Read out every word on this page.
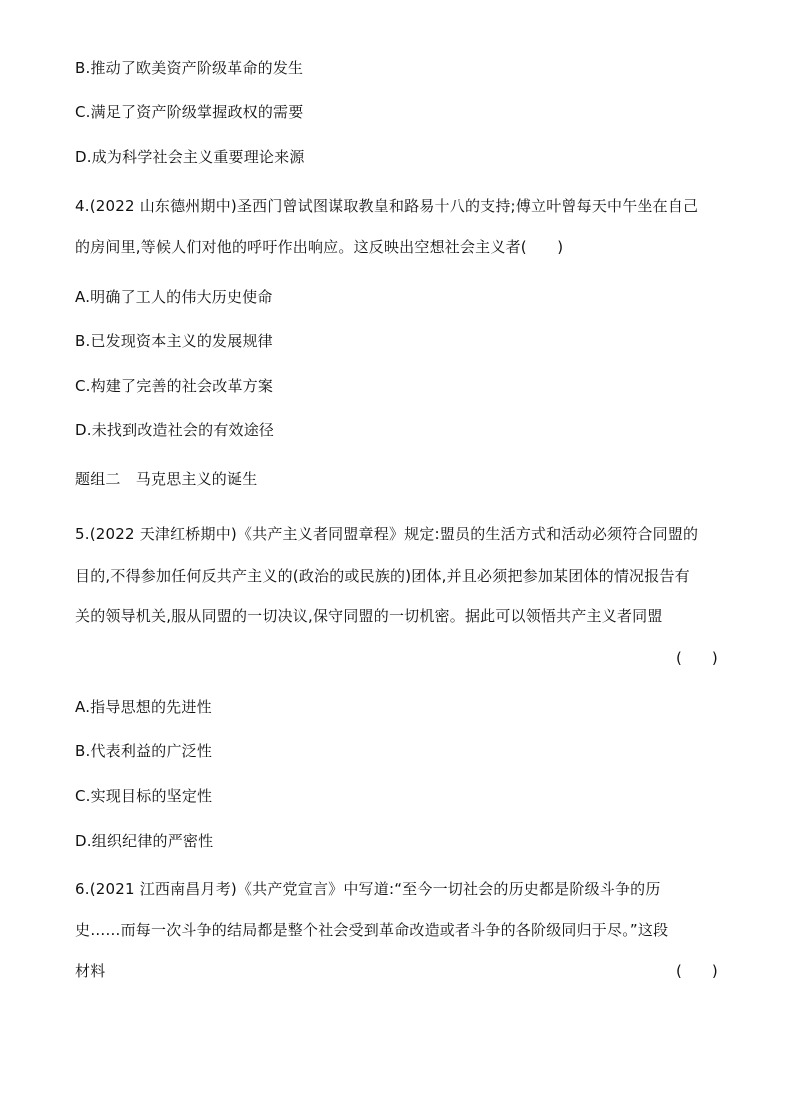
B.推动了欧美资产阶级革命的发生
C.满足了资产阶级掌握政权的需要
D.成为科学社会主义重要理论来源
4.(2022 山东德州期中)圣西门曾试图谋取教皇和路易十八的支持;傅立叶曾每天中午坐在自己
的房间里,等候人们对他的呼吁作出响应。这反映出空想社会主义者(　　)
A.明确了工人的伟大历史使命
B.已发现资本主义的发展规律
C.构建了完善的社会改革方案
D.未找到改造社会的有效途径
题组二　马克思主义的诞生
5.(2022 天津红桥期中)《共产主义者同盟章程》规定:盟员的生活方式和活动必须符合同盟的
目的,不得参加任何反共产主义的(政治的或民族的)团体,并且必须把参加某团体的情况报告有
关的领导机关,服从同盟的一切决议,保守同盟的一切机密。据此可以领悟共产主义者同盟
(　　)
A.指导思想的先进性
B.代表利益的广泛性
C.实现目标的坚定性
D.组织纪律的严密性
6.(2021 江西南昌月考)《共产党宣言》中写道:“至今一切社会的历史都是阶级斗争的历
史……而每一次斗争的结局都是整个社会受到革命改造或者斗争的各阶级同归于尽。”这段
材料	(　　)
